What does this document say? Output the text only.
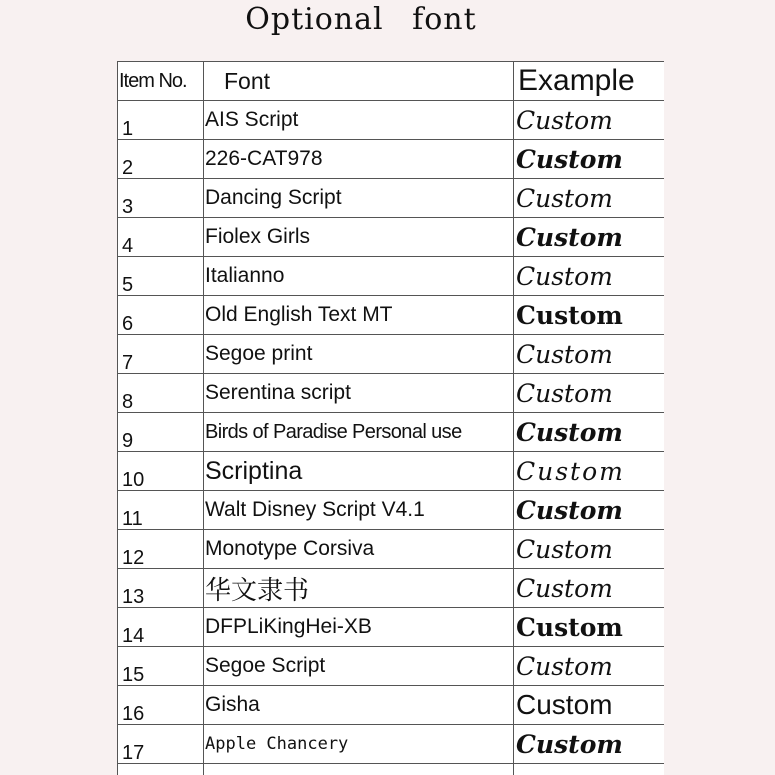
Optional font
Item No.	Font	Example
1	AIS Script	Custom
2	226-CAT978	Custom
3	Dancing Script	Custom
4	Fiolex Girls	Custom
5	Italianno	Custom
6	Old English Text MT	Custom
7	Segoe print	Custom
8	Serentina script	Custom
9	Birds of Paradise Personal use	Custom
10	Scriptina	Custom
11	Walt Disney Script V4.1	Custom
12	Monotype Corsiva	Custom
13	华文隶书	Custom
14	DFPLiKingHei-XB	Custom
15	Segoe Script	Custom
16	Gisha	Custom
17	Apple Chancery	Custom
